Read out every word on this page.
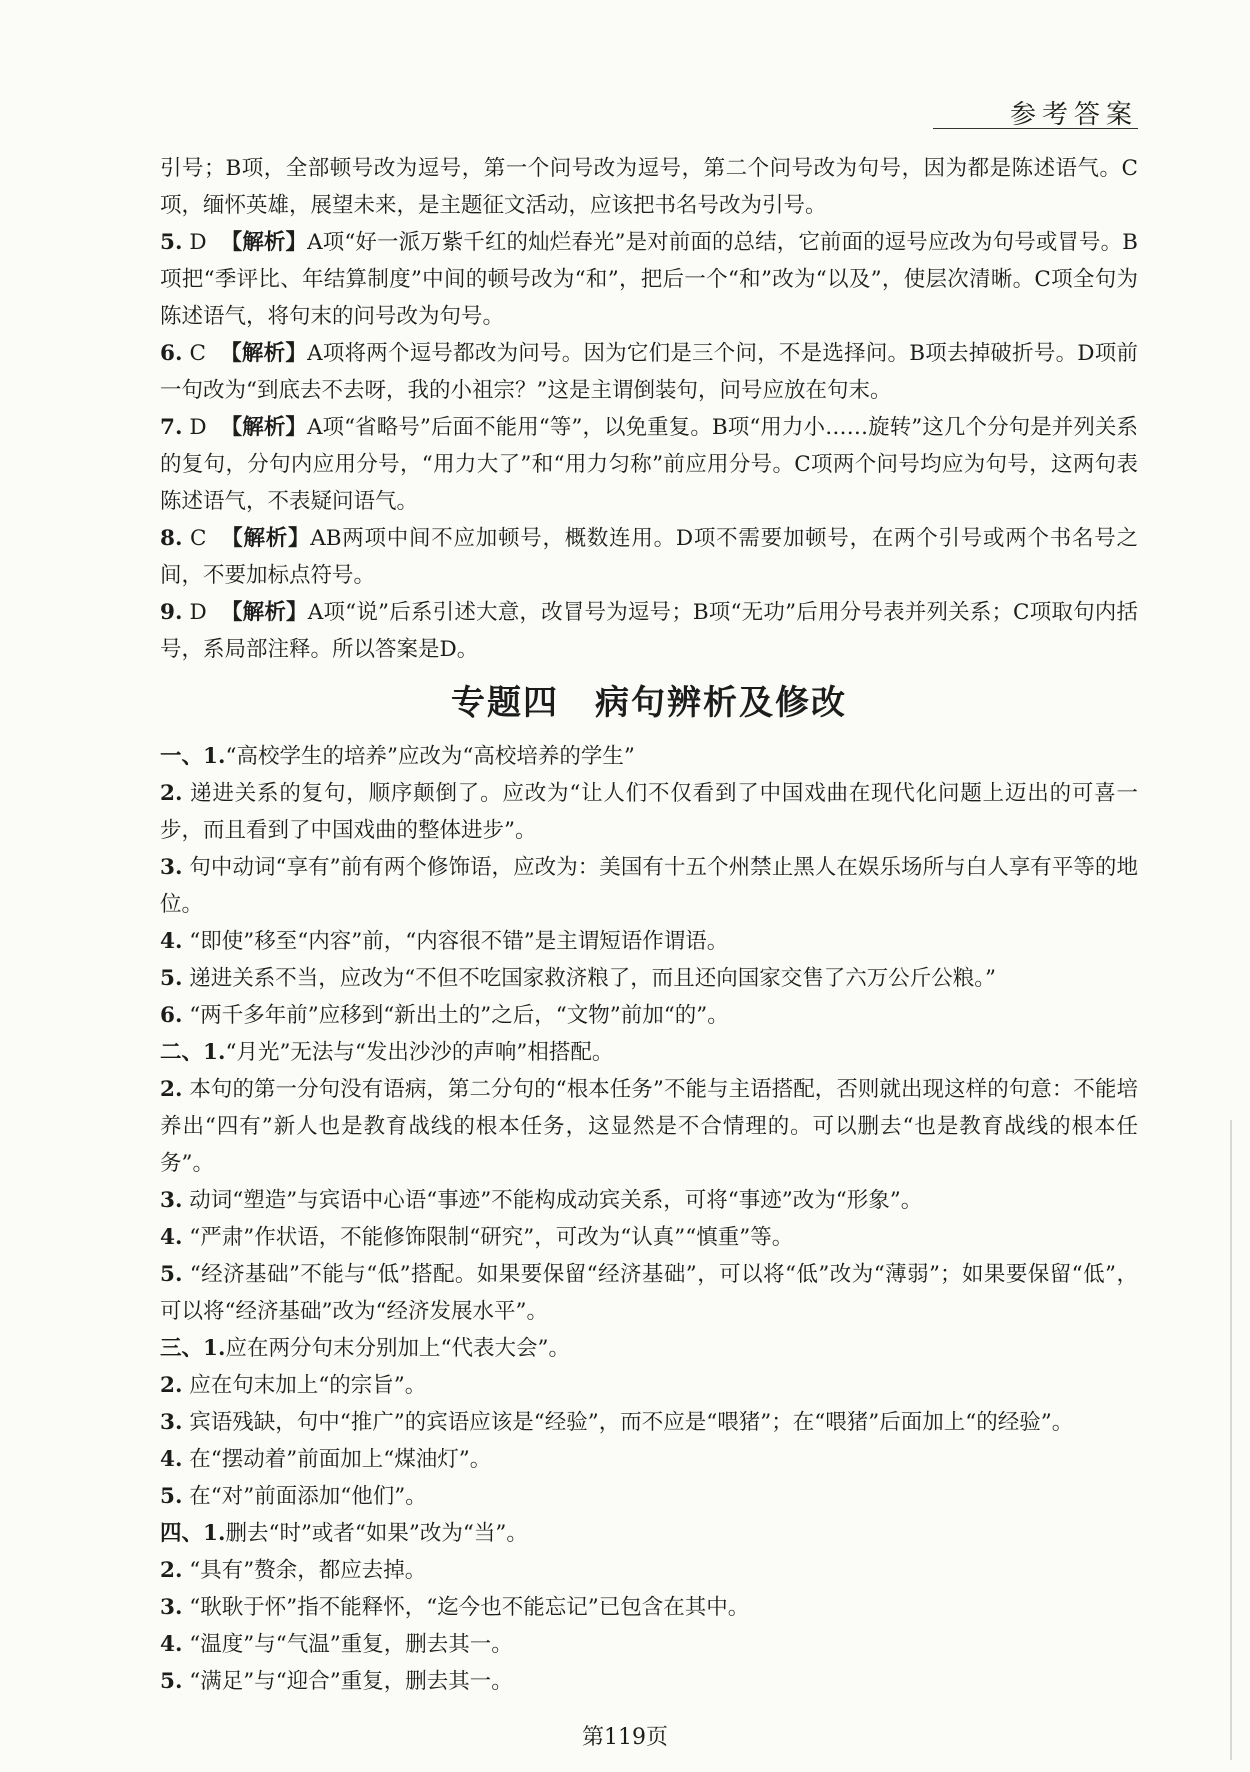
参考答案

引号；B项，全部顿号改为逗号，第一个问号改为逗号，第二个问号改为句号，因为都是陈述语气。C项，缅怀英雄，展望未来，是主题征文活动，应该把书名号改为引号。

5. D 【解析】A项“好一派万紫千红的灿烂春光”是对前面的总结，它前面的逗号应改为句号或冒号。B项把“季评比、年结算制度”中间的顿号改为“和”，把后一个“和”改为“以及”，使层次清晰。C项全句为陈述语气，将句末的问号改为句号。

6. C 【解析】A项将两个逗号都改为问号。因为它们是三个问，不是选择问。B项去掉破折号。D项前一句改为“到底去不去呀，我的小祖宗？”这是主谓倒装句，问号应放在句末。

7. D 【解析】A项“省略号”后面不能用“等”，以免重复。B项“用力小……旋转”这几个分句是并列关系的复句，分句内应用分号，“用力大了”和“用力匀称”前应用分号。C项两个问号均应为句号，这两句表陈述语气，不表疑问语气。

8. C 【解析】AB两项中间不应加顿号，概数连用。D项不需要加顿号，在两个引号或两个书名号之间，不要加标点符号。

9. D 【解析】A项“说”后系引述大意，改冒号为逗号；B项“无功”后用分号表并列关系；C项取句内括号，系局部注释。所以答案是D。

专题四　病句辨析及修改

一、1.“高校学生的培养”应改为“高校培养的学生”

2. 递进关系的复句，顺序颠倒了。应改为“让人们不仅看到了中国戏曲在现代化问题上迈出的可喜一步，而且看到了中国戏曲的整体进步”。

3. 句中动词“享有”前有两个修饰语，应改为：美国有十五个州禁止黑人在娱乐场所与白人享有平等的地位。

4. “即使”移至“内容”前，“内容很不错”是主谓短语作谓语。

5. 递进关系不当，应改为“不但不吃国家救济粮了，而且还向国家交售了六万公斤公粮。”

6. “两千多年前”应移到“新出土的”之后，“文物”前加“的”。

二、1.“月光”无法与“发出沙沙的声响”相搭配。

2. 本句的第一分句没有语病，第二分句的“根本任务”不能与主语搭配，否则就出现这样的句意：不能培养出“四有”新人也是教育战线的根本任务，这显然是不合情理的。可以删去“也是教育战线的根本任务”。

3. 动词“塑造”与宾语中心语“事迹”不能构成动宾关系，可将“事迹”改为“形象”。

4. “严肃”作状语，不能修饰限制“研究”，可改为“认真”“慎重”等。

5. “经济基础”不能与“低”搭配。如果要保留“经济基础”，可以将“低”改为“薄弱”；如果要保留“低”，可以将“经济基础”改为“经济发展水平”。

三、1.应在两分句末分别加上“代表大会”。

2. 应在句末加上“的宗旨”。

3. 宾语残缺，句中“推广”的宾语应该是“经验”，而不应是“喂猪”；在“喂猪”后面加上“的经验”。

4. 在“摆动着”前面加上“煤油灯”。

5. 在“对”前面添加“他们”。

四、1.删去“时”或者“如果”改为“当”。

2. “具有”赘余，都应去掉。

3. “耿耿于怀”指不能释怀，“迄今也不能忘记”已包含在其中。

4. “温度”与“气温”重复，删去其一。

5. “满足”与“迎合”重复，删去其一。

第119页
